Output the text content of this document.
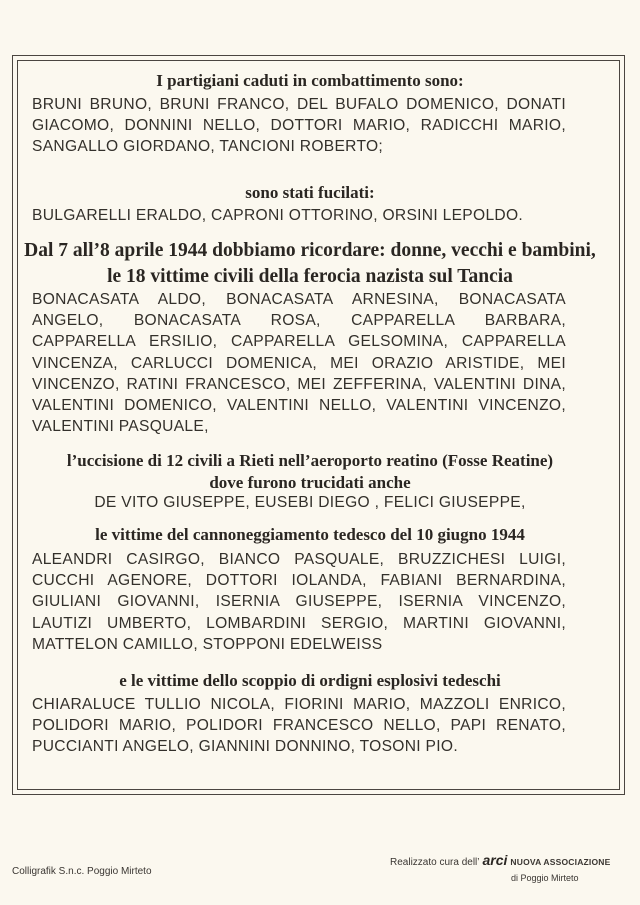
I partigiani caduti in combattimento sono:
BRUNI BRUNO, BRUNI FRANCO, DEL BUFALO DOMENICO, DONATI GIACOMO, DONNINI NELLO, DOTTORI MARIO, RADICCHI MARIO, SANGALLO GIORDANO, TANCIONI ROBERTO;
sono stati fucilati:
BULGARELLI ERALDO, CAPRONI OTTORINO, ORSINI LEPOLDO.
Dal 7 all’8 aprile 1944 dobbiamo ricordare: donne, vecchi e bambini, le 18 vittime civili della ferocia nazista sul Tancia
BONACASATA ALDO, BONACASATA ARNESINA, BONACASATA ANGELO, BONACASATA ROSA, CAPPARELLA BARBARA, CAPPARELLA ERSILIO, CAPPARELLA GELSOMINA, CAPPARELLA VINCENZA, CARLUCCI DOMENICA, MEI ORAZIO ARISTIDE, MEI VINCENZO, RATINI FRANCESCO, MEI ZEFFERINA, VALENTINI DINA, VALENTINI DOMENICO, VALENTINI NELLO, VALENTINI VINCENZO, VALENTINI PASQUALE,
l’uccisione di 12 civili a Rieti nell’aeroporto reatino (Fosse Reatine) dove furono trucidati anche
DE VITO GIUSEPPE, EUSEBI DIEGO , FELICI GIUSEPPE,
le vittime del cannoneggiamento tedesco del 10 giugno 1944
ALEANDRI CASIRGO, BIANCO PASQUALE, BRUZZICHESI LUIGI, CUCCHI AGENORE, DOTTORI IOLANDA, FABIANI BERNARDINA, GIULIANI GIOVANNI, ISERNIA GIUSEPPE, ISERNIA VINCENZO, LAUTIZI UMBERTO, LOMBARDINI SERGIO, MARTINI GIOVANNI, MATTELON CAMILLO, STOPPONI EDELWEISS
e le vittime dello scoppio di ordigni esplosivi tedeschi
CHIARALUCE TULLIO NICOLA, FIORINI MARIO, MAZZOLI ENRICO, POLIDORI MARIO, POLIDORI FRANCESCO NELLO, PAPI RENATO, PUCCIANTI ANGELO, GIANNINI DONNINO, TOSONI PIO.
Colligrafik S.n.c. Poggio Mirteto
Realizzato cura dell’ arci NUOVA ASSOCIAZIONE
di Poggio Mirteto
